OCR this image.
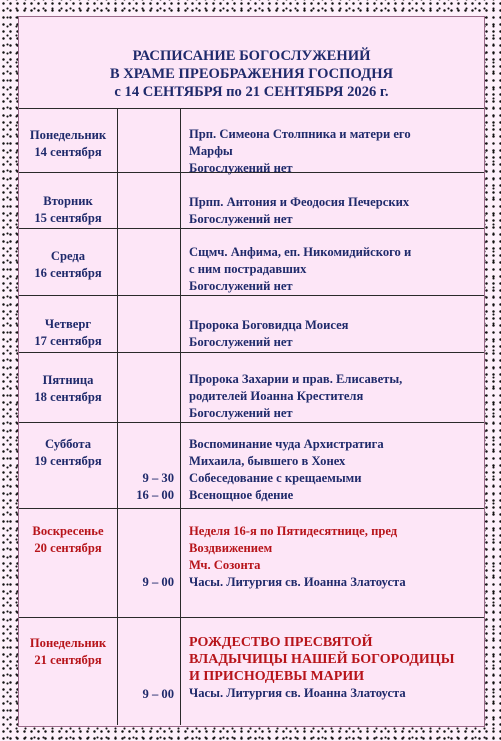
РАСПИСАНИЕ БОГОСЛУЖЕНИЙ
В ХРАМЕ ПРЕОБРАЖЕНИЯ ГОСПОДНЯ
с 14 СЕНТЯБРЯ по 21 СЕНТЯБРЯ 2026 г.
Понедельник
14 сентября
Прп. Симеона Столпника и матери его
Марфы
Богослужений нет
Вторник
15 сентября
Прпп. Антония и Феодосия Печерских
Богослужений нет
Среда
16 сентября
Сщмч. Анфима, еп. Никомидийского и
с ним пострадавших
Богослужений нет
Четверг
17 сентября
Пророка Боговидца Моисея
Богослужений нет
Пятница
18 сентября
Пророка Захарии и прав. Елисаветы,
родителей Иоанна Крестителя
Богослужений нет
Суббота
19 сентября
9 – 30
16 – 00
Воспоминание чуда Архистратига
Михаила, бывшего в Хонех
Собеседование с крещаемыми
Всенощное бдение
Воскресенье
20 сентября
9 – 00
Неделя 16-я по Пятидесятнице, пред
Воздвижением
Мч. Созонта
Часы. Литургия св. Иоанна Златоуста
Понедельник
21 сентября
9 – 00
РОЖДЕСТВО ПРЕСВЯТОЙ
ВЛАДЫЧИЦЫ НАШЕЙ БОГОРОДИЦЫ
И ПРИСНОДЕВЫ МАРИИ
Часы. Литургия св. Иоанна Златоуста
